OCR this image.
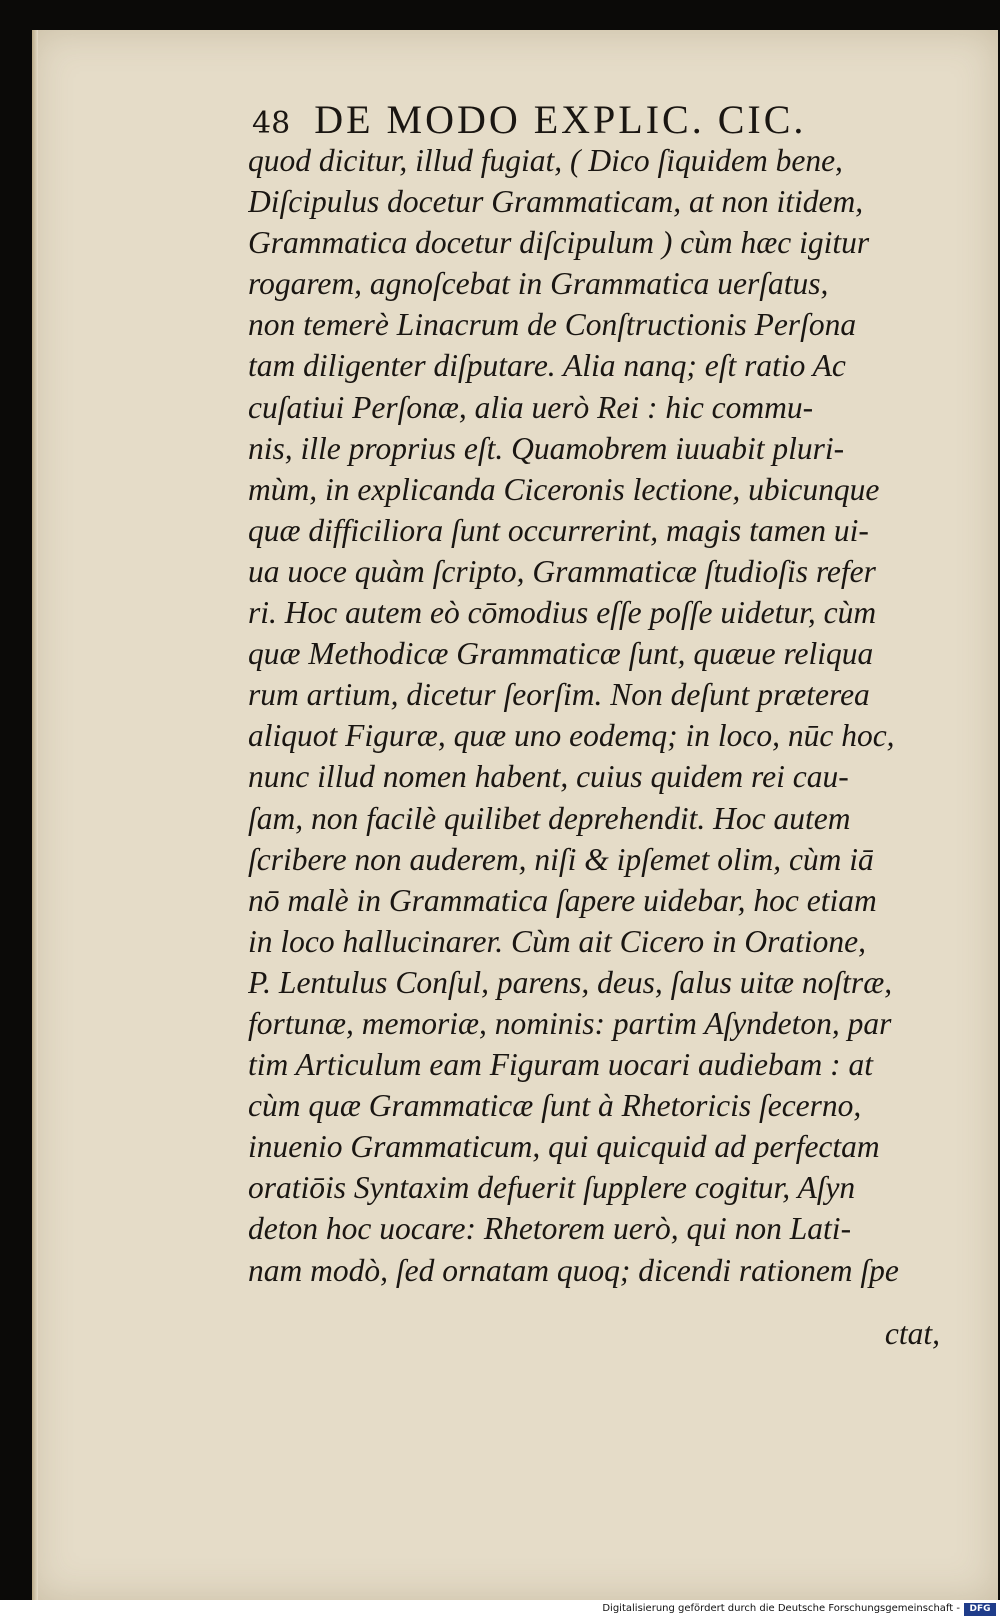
48 DE MODO EXPLIC. CIC.
quod dicitur, illud fugiat, ( Dico ſiquidem bene,
Diſcipulus docetur Grammaticam, at non itidem,
Grammatica docetur diſcipulum ) cùm hæc igitur
rogarem, agnoſcebat in Grammatica uerſatus,
non temerè Linacrum de Conſtructionis Perſona
tam diligenter diſputare. Alia nanq; eſt ratio Ac
cuſatiui Perſonæ, alia uerò Rei : hic commu-
nis, ille proprius eſt. Quamobrem iuuabit pluri-
mùm, in explicanda Ciceronis lectione, ubicunque
quæ difficiliora ſunt occurrerint, magis tamen ui-
ua uoce quàm ſcripto, Grammaticæ ſtudioſis refer
ri. Hoc autem eò cōmodius eſſe poſſe uidetur, cùm
quæ Methodicæ Grammaticæ ſunt, quæue reliqua
rum artium, dicetur ſeorſim. Non deſunt præterea
aliquot Figuræ, quæ uno eodemq; in loco, nūc hoc,
nunc illud nomen habent, cuius quidem rei cau-
ſam, non facilè quilibet deprehendit. Hoc autem
ſcribere non auderem, niſi & ipſemet olim, cùm iā
nō malè in Grammatica ſapere uidebar, hoc etiam
in loco hallucinarer. Cùm ait Cicero in Oratione,
P. Lentulus Conſul, parens, deus, ſalus uitæ noſtræ,
fortunæ, memoriæ, nominis: partim Aſyndeton, par
tim Articulum eam Figuram uocari audiebam : at
cùm quæ Grammaticæ ſunt à Rhetoricis ſecerno,
inuenio Grammaticum, qui quicquid ad perfectam
oratiōis Syntaxim defuerit ſupplere cogitur, Aſyn
deton hoc uocare: Rhetorem uerò, qui non Lati-
nam modò, ſed ornatam quoq; dicendi rationem ſpe
ctat,
Digitalisierung gefördert durch die Deutsche Forschungsgemeinschaft -	DFG
